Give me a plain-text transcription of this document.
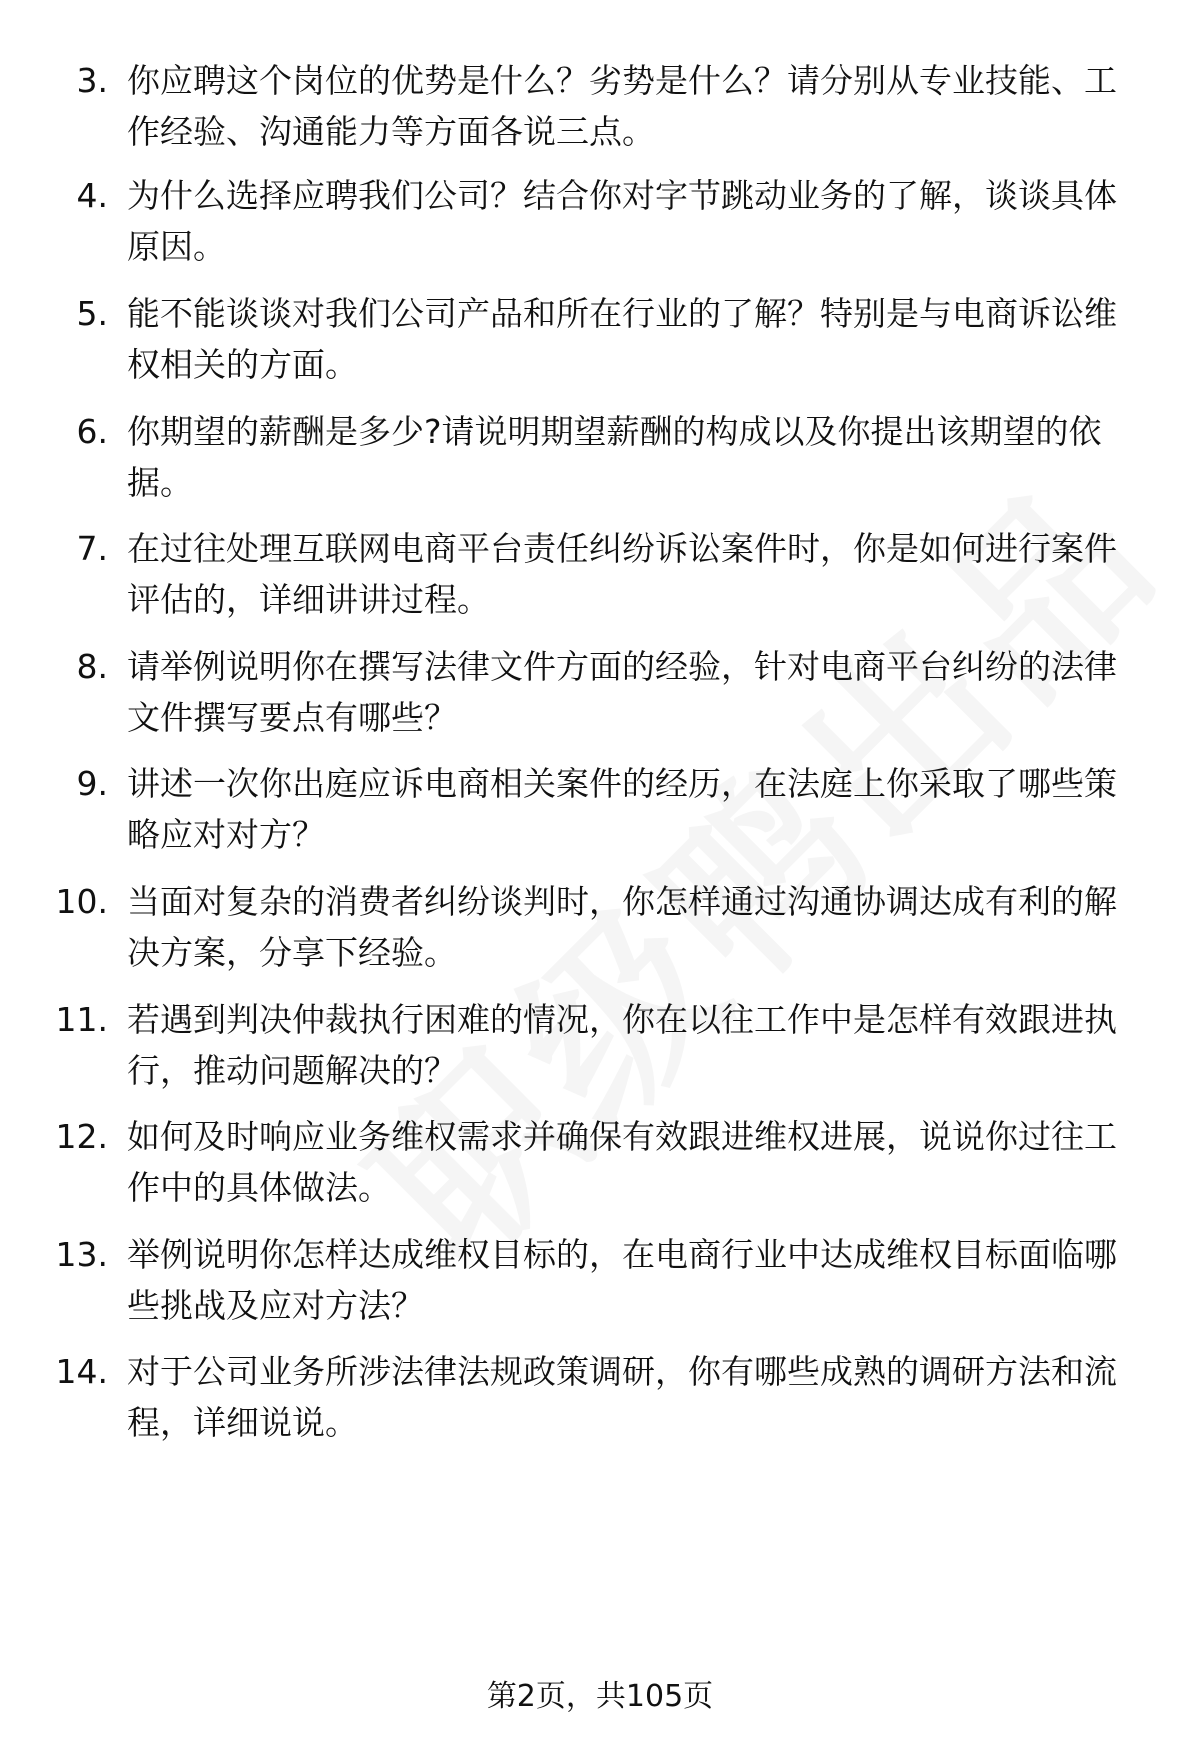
3. 你应聘这个岗位的优势是什么？劣势是什么？请分别从专业技能、工作经验、沟通能力等方面各说三点。
4. 为什么选择应聘我们公司？结合你对字节跳动业务的了解，谈谈具体原因。
5. 能不能谈谈对我们公司产品和所在行业的了解？特别是与电商诉讼维权相关的方面。
6. 你期望的薪酬是多少?请说明期望薪酬的构成以及你提出该期望的依据。
7. 在过往处理互联网电商平台责任纠纷诉讼案件时，你是如何进行案件评估的，详细讲讲过程。
8. 请举例说明你在撰写法律文件方面的经验，针对电商平台纠纷的法律文件撰写要点有哪些？
9. 讲述一次你出庭应诉电商相关案件的经历，在法庭上你采取了哪些策略应对对方？
10. 当面对复杂的消费者纠纷谈判时，你怎样通过沟通协调达成有利的解决方案，分享下经验。
11. 若遇到判决仲裁执行困难的情况，你在以往工作中是怎样有效跟进执行，推动问题解决的？
12. 如何及时响应业务维权需求并确保有效跟进维权进展，说说你过往工作中的具体做法。
13. 举例说明你怎样达成维权目标的，在电商行业中达成维权目标面临哪些挑战及应对方法？
14. 对于公司业务所涉法律法规政策调研，你有哪些成熟的调研方法和流程，详细说说。
第2页，共105页
